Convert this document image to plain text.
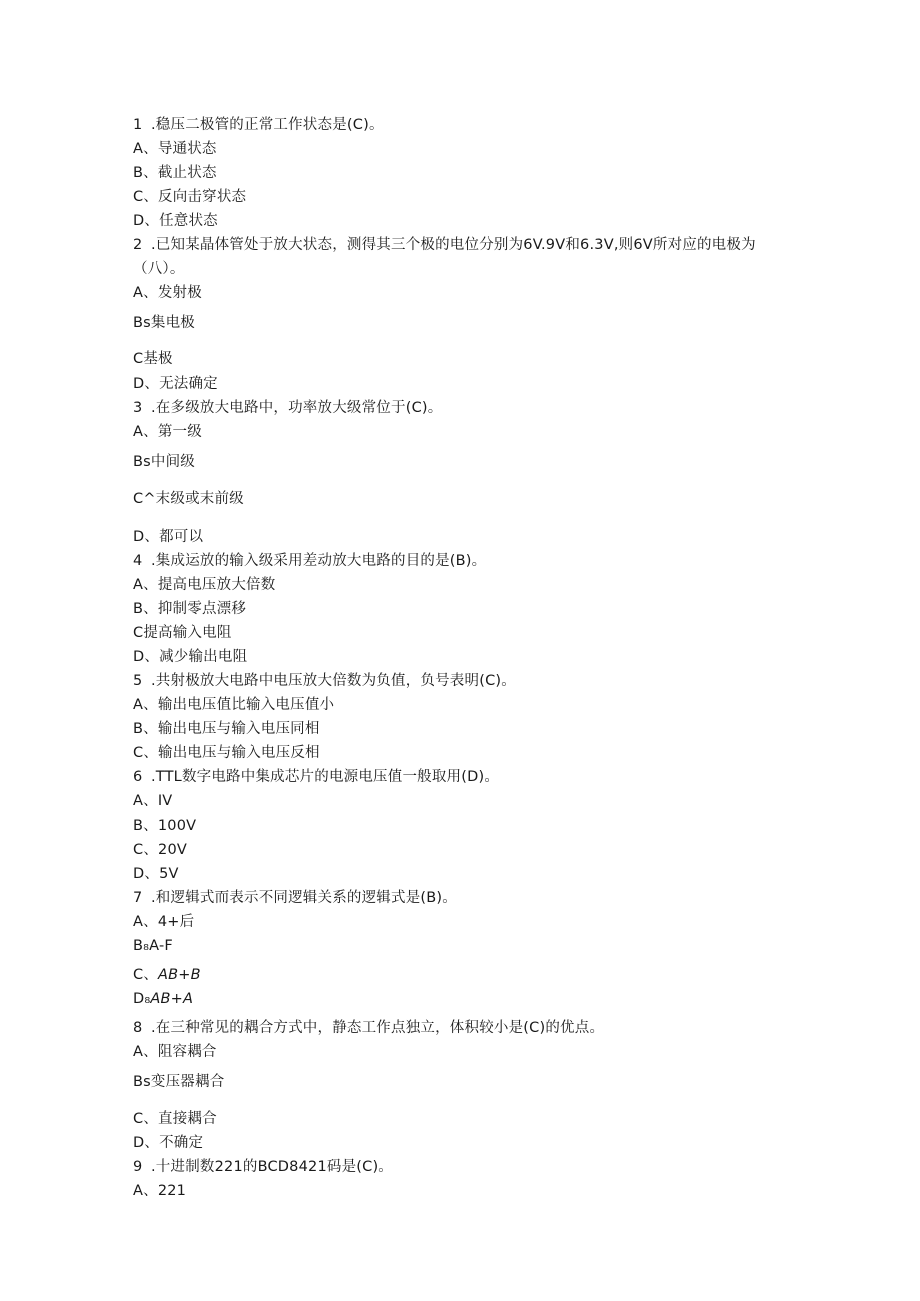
1 .稳压二极管的正常工作状态是(C)。
A、导通状态
B、截止状态
C、反向击穿状态
D、任意状态
2 .已知某晶体管处于放大状态，测得其三个极的电位分别为6V.9V和6.3V,则6V所对应的电极为（八）。
A、发射极
Bs集电极
C基极
D、无法确定
3 .在多级放大电路中，功率放大级常位于(C)。
A、第一级
Bs中间级
C^末级或末前级
D、都可以
4 .集成运放的输入级采用差动放大电路的目的是(B)。
A、提高电压放大倍数
B、抑制零点漂移
C提高输入电阻
D、减少输出电阻
5 .共射极放大电路中电压放大倍数为负值，负号表明(C)。
A、输出电压值比输入电压值小
B、输出电压与输入电压同相
C、输出电压与输入电压反相
6 .TTL数字电路中集成芯片的电源电压值一般取用(D)。
A、IV
B、100V
C、20V
D、5V
7 .和逻辑式而表示不同逻辑关系的逻辑式是(B)。
A、4+后
B₈A-F
C、AB+B
D₈AB+A
8 .在三种常见的耦合方式中，静态工作点独立，体积较小是(C)的优点。
A、阻容耦合
Bs变压器耦合
C、直接耦合
D、不确定
9 .十进制数221的BCD8421码是(C)。
A、221
